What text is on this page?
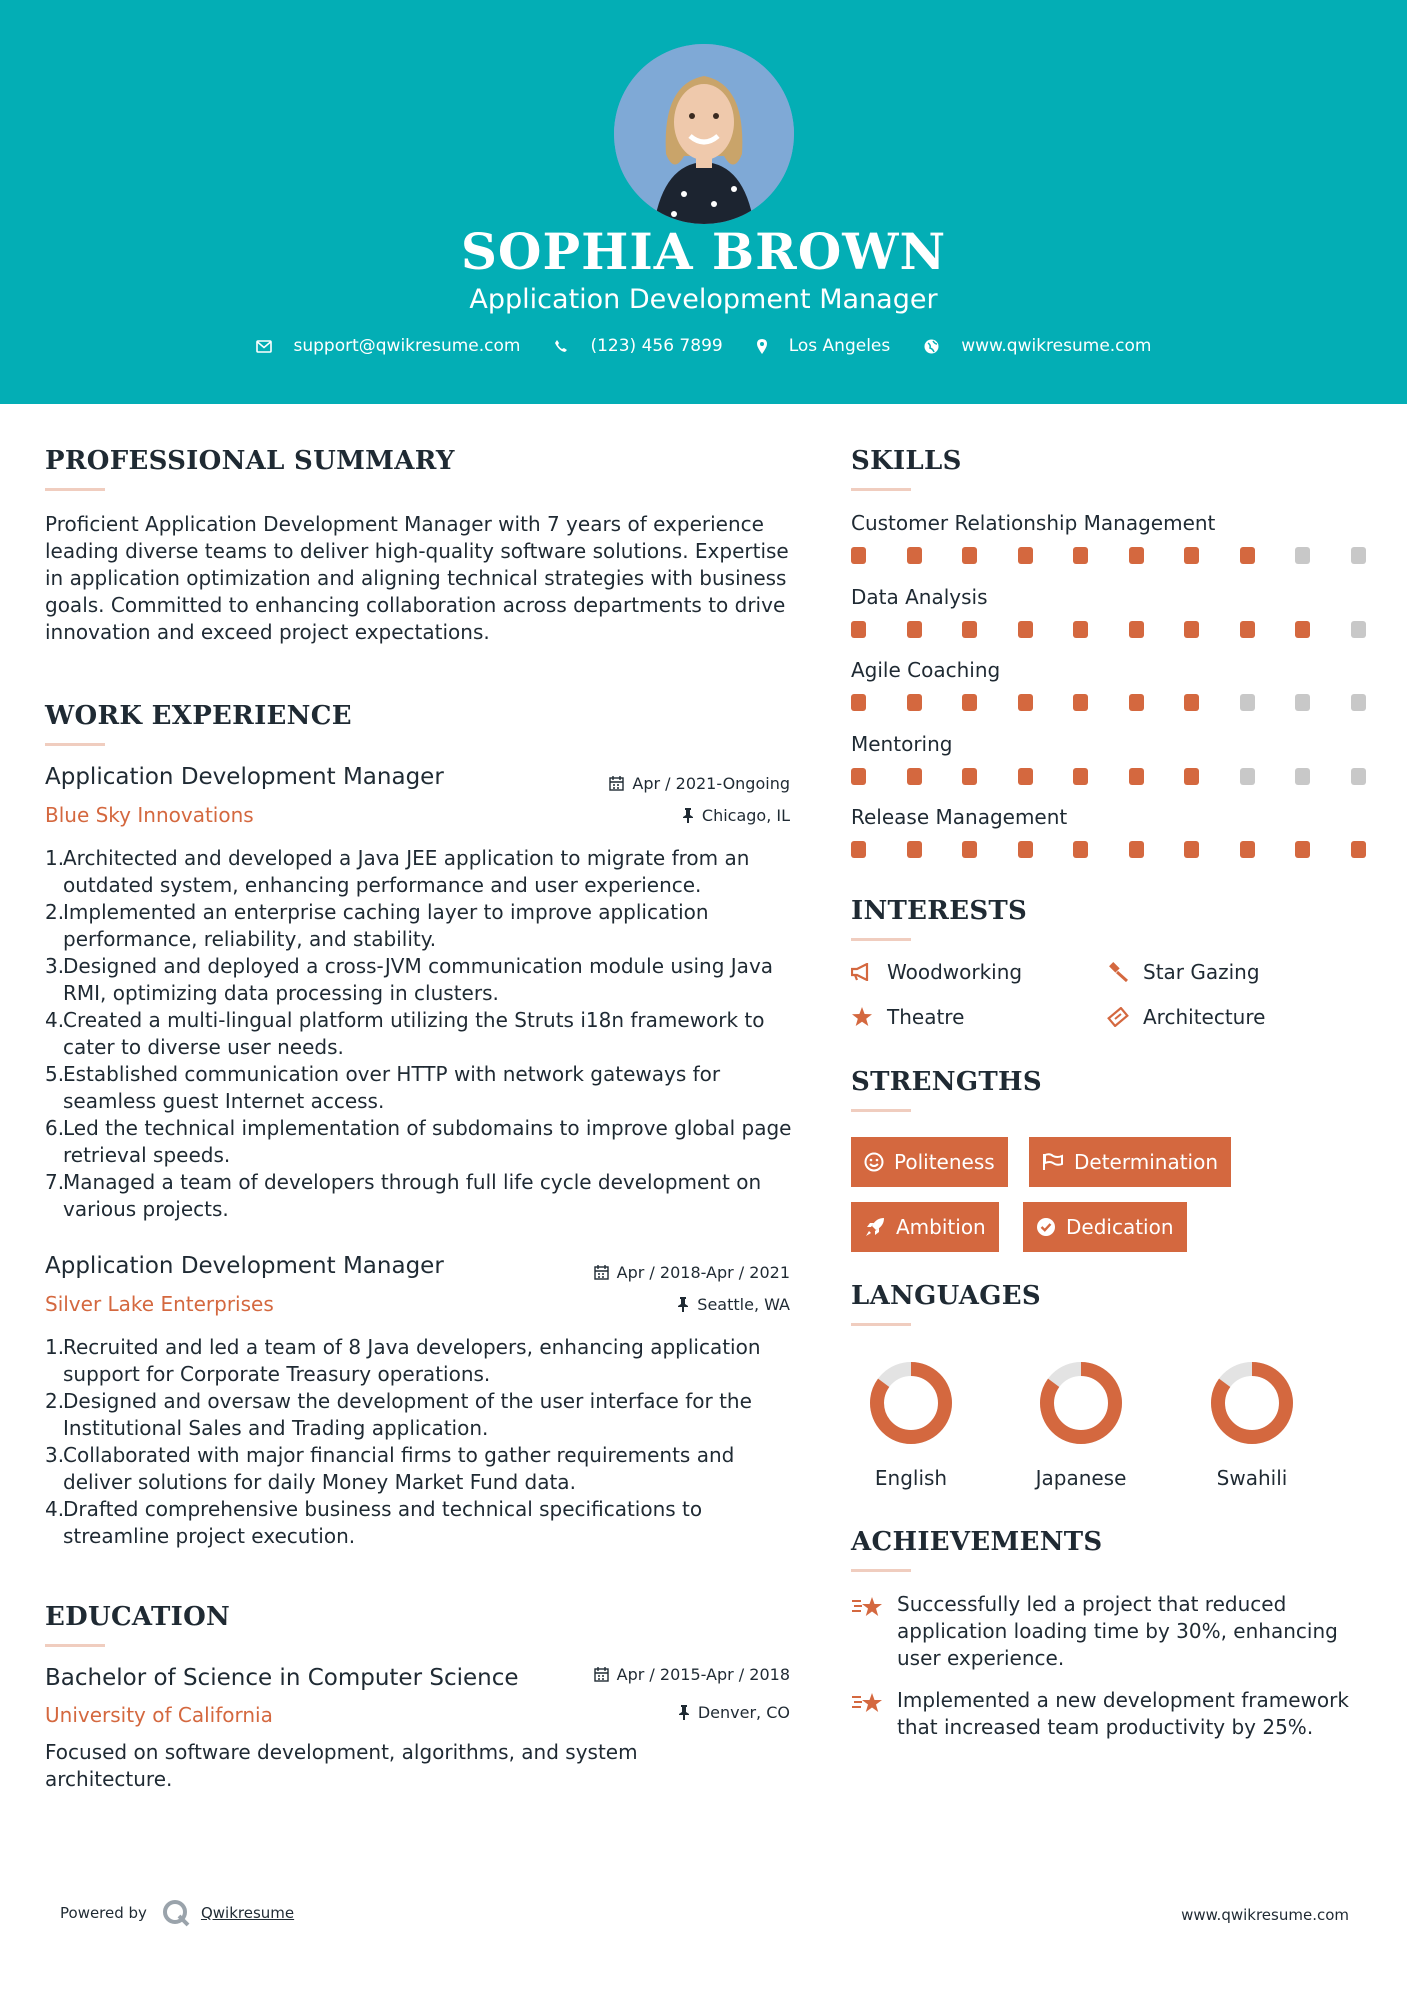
SOPHIA BROWN
Application Development Manager
support@qwikresume.com	(123) 456 7899	Los Angeles	www.qwikresume.com
PROFESSIONAL SUMMARY
Proficient Application Development Manager with 7 years of experience leading diverse teams to deliver high-quality software solutions. Expertise in application optimization and aligning technical strategies with business goals. Committed to enhancing collaboration across departments to drive innovation and exceed project expectations.
WORK EXPERIENCE
Application Development Manager	Apr / 2021-Ongoing
Blue Sky Innovations	Chicago, IL
1.
Architected and developed a Java JEE application to migrate from an outdated system, enhancing performance and user experience.
2.
Implemented an enterprise caching layer to improve application performance, reliability, and stability.
3.
Designed and deployed a cross-JVM communication module using Java RMI, optimizing data processing in clusters.
4.
Created a multi-lingual platform utilizing the Struts i18n framework to cater to diverse user needs.
5.
Established communication over HTTP with network gateways for seamless guest Internet access.
6.
Led the technical implementation of subdomains to improve global page retrieval speeds.
7.
Managed a team of developers through full life cycle development on various projects.
Application Development Manager	Apr / 2018-Apr / 2021
Silver Lake Enterprises	Seattle, WA
1.
Recruited and led a team of 8 Java developers, enhancing application support for Corporate Treasury operations.
2.
Designed and oversaw the development of the user interface for the Institutional Sales and Trading application.
3.
Collaborated with major financial firms to gather requirements and deliver solutions for daily Money Market Fund data.
4.
Drafted comprehensive business and technical specifications to streamline project execution.
EDUCATION
Bachelor of Science in Computer Science	Apr / 2015-Apr / 2018
University of California	Denver, CO
Focused on software development, algorithms, and system architecture.
SKILLS
Customer Relationship Management
Data Analysis
Agile Coaching
Mentoring
Release Management
INTERESTS
Woodworking	Star Gazing
Theatre	Architecture
STRENGTHS
Politeness	Determination
Ambition	Dedication
LANGUAGES
English	Japanese	Swahili
ACHIEVEMENTS
Successfully led a project that reduced application loading time by 30%, enhancing user experience.
Implemented a new development framework that increased team productivity by 25%.
Powered by	Qwikresume	www.qwikresume.com
